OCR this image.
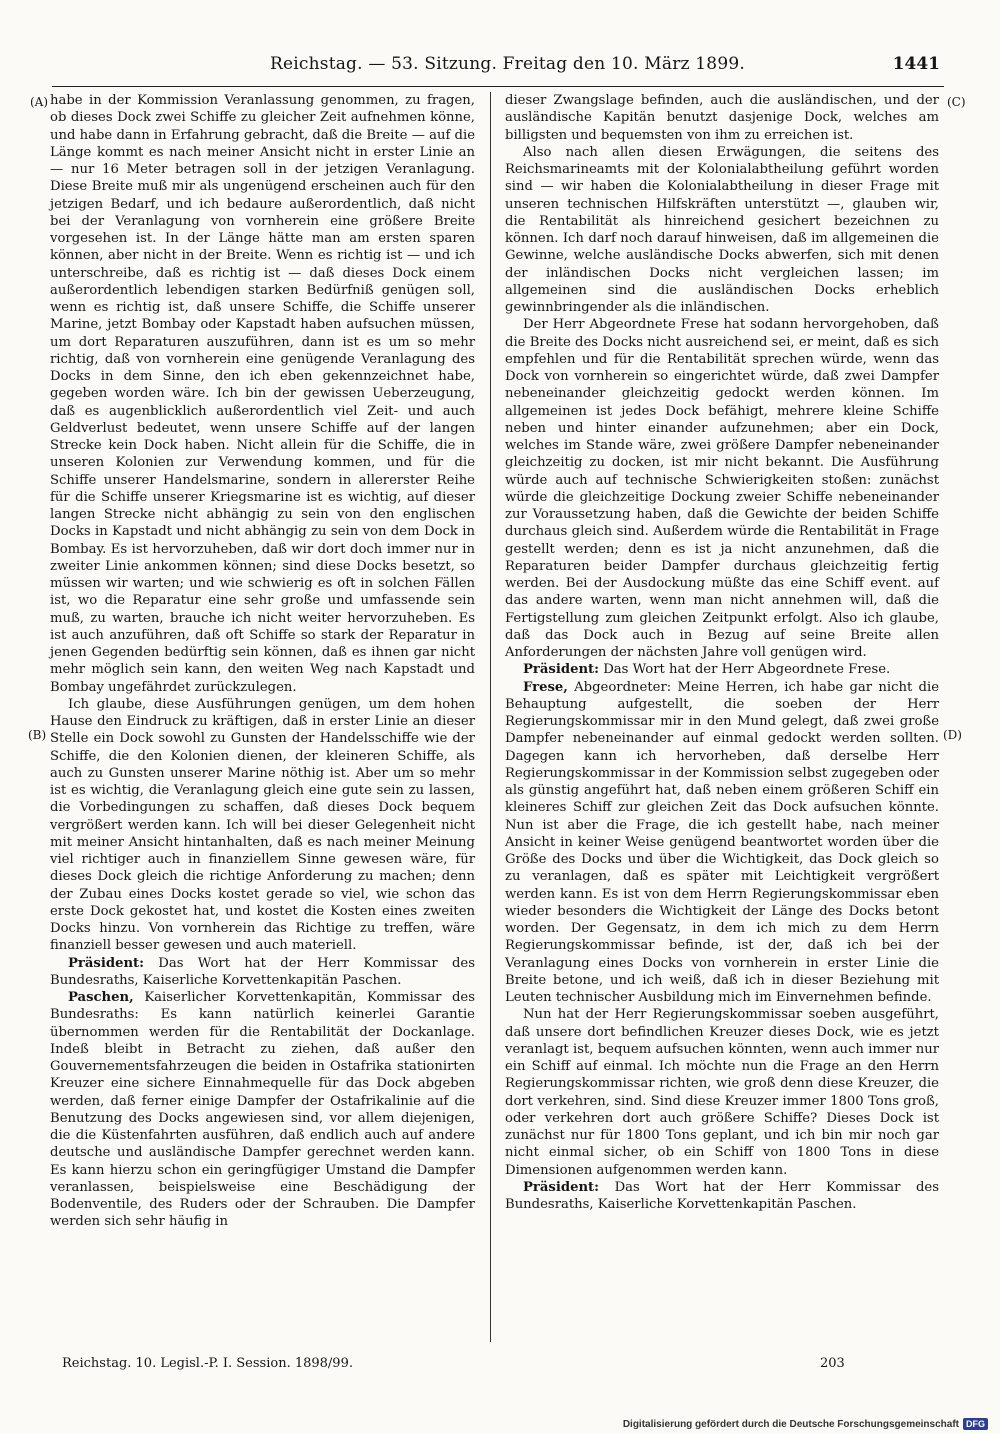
Reichstag. — 53. Sitzung. Freitag den 10. März 1899.	1441
(A)
(B)
(C)
(D)

habe in der Kommission Veranlassung genommen, zu fragen, ob dieses Dock zwei Schiffe zu gleicher Zeit aufnehmen könne, und habe dann in Erfahrung gebracht, daß die Breite — auf die Länge kommt es nach meiner Ansicht nicht in erster Linie an — nur 16 Meter betragen soll in der jetzigen Veranlagung. Diese Breite muß mir als ungenügend erscheinen auch für den jetzigen Bedarf, und ich bedaure außerordentlich, daß nicht bei der Veranlagung von vornherein eine größere Breite vorgesehen ist. In der Länge hätte man am ersten sparen können, aber nicht in der Breite. Wenn es richtig ist — und ich unterschreibe, daß es richtig ist — daß dieses Dock einem außerordentlich lebendigen starken Bedürfniß genügen soll, wenn es richtig ist, daß unsere Schiffe, die Schiffe unserer Marine, jetzt Bombay oder Kapstadt haben aufsuchen müssen, um dort Reparaturen auszuführen, dann ist es um so mehr richtig, daß von vornherein eine genügende Veranlagung des Docks in dem Sinne, den ich eben gekennzeichnet habe, gegeben worden wäre. Ich bin der gewissen Ueberzeugung, daß es augenblicklich außerordentlich viel Zeit- und auch Geldverlust bedeutet, wenn unsere Schiffe auf der langen Strecke kein Dock haben. Nicht allein für die Schiffe, die in unseren Kolonien zur Verwendung kommen, und für die Schiffe unserer Handelsmarine, sondern in allererster Reihe für die Schiffe unserer Kriegsmarine ist es wichtig, auf dieser langen Strecke nicht abhängig zu sein von den englischen Docks in Kapstadt und nicht abhängig zu sein von dem Dock in Bombay. Es ist hervorzuheben, daß wir dort doch immer nur in zweiter Linie ankommen können; sind diese Docks besetzt, so müssen wir warten; und wie schwierig es oft in solchen Fällen ist, wo die Reparatur eine sehr große und umfassende sein muß, zu warten, brauche ich nicht weiter hervorzuheben. Es ist auch anzuführen, daß oft Schiffe so stark der Reparatur in jenen Gegenden bedürftig sein können, daß es ihnen gar nicht mehr möglich sein kann, den weiten Weg nach Kapstadt und Bombay ungefährdet zurückzulegen.

Ich glaube, diese Ausführungen genügen, um dem hohen Hause den Eindruck zu kräftigen, daß in erster Linie an dieser Stelle ein Dock sowohl zu Gunsten der Handelsschiffe wie der Schiffe, die den Kolonien dienen, der kleineren Schiffe, als auch zu Gunsten unserer Marine nöthig ist. Aber um so mehr ist es wichtig, die Veranlagung gleich eine gute sein zu lassen, die Vorbedingungen zu schaffen, daß dieses Dock bequem vergrößert werden kann. Ich will bei dieser Gelegenheit nicht mit meiner Ansicht hintanhalten, daß es nach meiner Meinung viel richtiger auch in finanziellem Sinne gewesen wäre, für dieses Dock gleich die richtige Anforderung zu machen; denn der Zubau eines Docks kostet gerade so viel, wie schon das erste Dock gekostet hat, und kostet die Kosten eines zweiten Docks hinzu. Von vornherein das Richtige zu treffen, wäre finanziell besser gewesen und auch materiell.

Präsident: Das Wort hat der Herr Kommissar des Bundesraths, Kaiserliche Korvettenkapitän Paschen.

Paschen, Kaiserlicher Korvettenkapitän, Kommissar des Bundesraths: Es kann natürlich keinerlei Garantie übernommen werden für die Rentabilität der Dockanlage. Indeß bleibt in Betracht zu ziehen, daß außer den Gouvernementsfahrzeugen die beiden in Ostafrika stationirten Kreuzer eine sichere Einnahmequelle für das Dock abgeben werden, daß ferner einige Dampfer der Ostafrikalinie auf die Benutzung des Docks angewiesen sind, vor allem diejenigen, die die Küstenfahrten ausführen, daß endlich auch auf andere deutsche und ausländische Dampfer gerechnet werden kann. Es kann hierzu schon ein geringfügiger Umstand die Dampfer veranlassen, beispielsweise eine Beschädigung der Bodenventile, des Ruders oder der Schrauben. Die Dampfer werden sich sehr häufig in

dieser Zwangslage befinden, auch die ausländischen, und der ausländische Kapitän benutzt dasjenige Dock, welches am billigsten und bequemsten von ihm zu erreichen ist.

Also nach allen diesen Erwägungen, die seitens des Reichsmarineamts mit der Kolonialabtheilung geführt worden sind — wir haben die Kolonialabtheilung in dieser Frage mit unseren technischen Hilfskräften unterstützt —, glauben wir, die Rentabilität als hinreichend gesichert bezeichnen zu können. Ich darf noch darauf hinweisen, daß im allgemeinen die Gewinne, welche ausländische Docks abwerfen, sich mit denen der inländischen Docks nicht vergleichen lassen; im allgemeinen sind die ausländischen Docks erheblich gewinnbringender als die inländischen.

Der Herr Abgeordnete Frese hat sodann hervorgehoben, daß die Breite des Docks nicht ausreichend sei, er meint, daß es sich empfehlen und für die Rentabilität sprechen würde, wenn das Dock von vornherein so eingerichtet würde, daß zwei Dampfer nebeneinander gleichzeitig gedockt werden können. Im allgemeinen ist jedes Dock befähigt, mehrere kleine Schiffe neben und hinter einander aufzunehmen; aber ein Dock, welches im Stande wäre, zwei größere Dampfer nebeneinander gleichzeitig zu docken, ist mir nicht bekannt. Die Ausführung würde auch auf technische Schwierigkeiten stoßen: zunächst würde die gleichzeitige Dockung zweier Schiffe nebeneinander zur Voraussetzung haben, daß die Gewichte der beiden Schiffe durchaus gleich sind. Außerdem würde die Rentabilität in Frage gestellt werden; denn es ist ja nicht anzunehmen, daß die Reparaturen beider Dampfer durchaus gleichzeitig fertig werden. Bei der Ausdockung müßte das eine Schiff event. auf das andere warten, wenn man nicht annehmen will, daß die Fertigstellung zum gleichen Zeitpunkt erfolgt. Also ich glaube, daß das Dock auch in Bezug auf seine Breite allen Anforderungen der nächsten Jahre voll genügen wird.

Präsident: Das Wort hat der Herr Abgeordnete Frese.

Frese, Abgeordneter: Meine Herren, ich habe gar nicht die Behauptung aufgestellt, die soeben der Herr Regierungskommissar mir in den Mund gelegt, daß zwei große Dampfer nebeneinander auf einmal gedockt werden sollten. Dagegen kann ich hervorheben, daß derselbe Herr Regierungskommissar in der Kommission selbst zugegeben oder als günstig angeführt hat, daß neben einem größeren Schiff ein kleineres Schiff zur gleichen Zeit das Dock aufsuchen könnte. Nun ist aber die Frage, die ich gestellt habe, nach meiner Ansicht in keiner Weise genügend beantwortet worden über die Größe des Docks und über die Wichtigkeit, das Dock gleich so zu veranlagen, daß es später mit Leichtigkeit vergrößert werden kann. Es ist von dem Herrn Regierungskommissar eben wieder besonders die Wichtigkeit der Länge des Docks betont worden. Der Gegensatz, in dem ich mich zu dem Herrn Regierungskommissar befinde, ist der, daß ich bei der Veranlagung eines Docks von vornherein in erster Linie die Breite betone, und ich weiß, daß ich in dieser Beziehung mit Leuten technischer Ausbildung mich im Einvernehmen befinde.

Nun hat der Herr Regierungskommissar soeben ausgeführt, daß unsere dort befindlichen Kreuzer dieses Dock, wie es jetzt veranlagt ist, bequem aufsuchen könnten, wenn auch immer nur ein Schiff auf einmal. Ich möchte nun die Frage an den Herrn Regierungskommissar richten, wie groß denn diese Kreuzer, die dort verkehren, sind. Sind diese Kreuzer immer 1800 Tons groß, oder verkehren dort auch größere Schiffe? Dieses Dock ist zunächst nur für 1800 Tons geplant, und ich bin mir noch gar nicht einmal sicher, ob ein Schiff von 1800 Tons in diese Dimensionen aufgenommen werden kann.

Präsident: Das Wort hat der Herr Kommissar des Bundesraths, Kaiserliche Korvettenkapitän Paschen.

Reichstag. 10. Legisl.-P. I. Session. 1898/99.	203
Digitalisierung gefördert durch die Deutsche Forschungsgemeinschaft DFG
